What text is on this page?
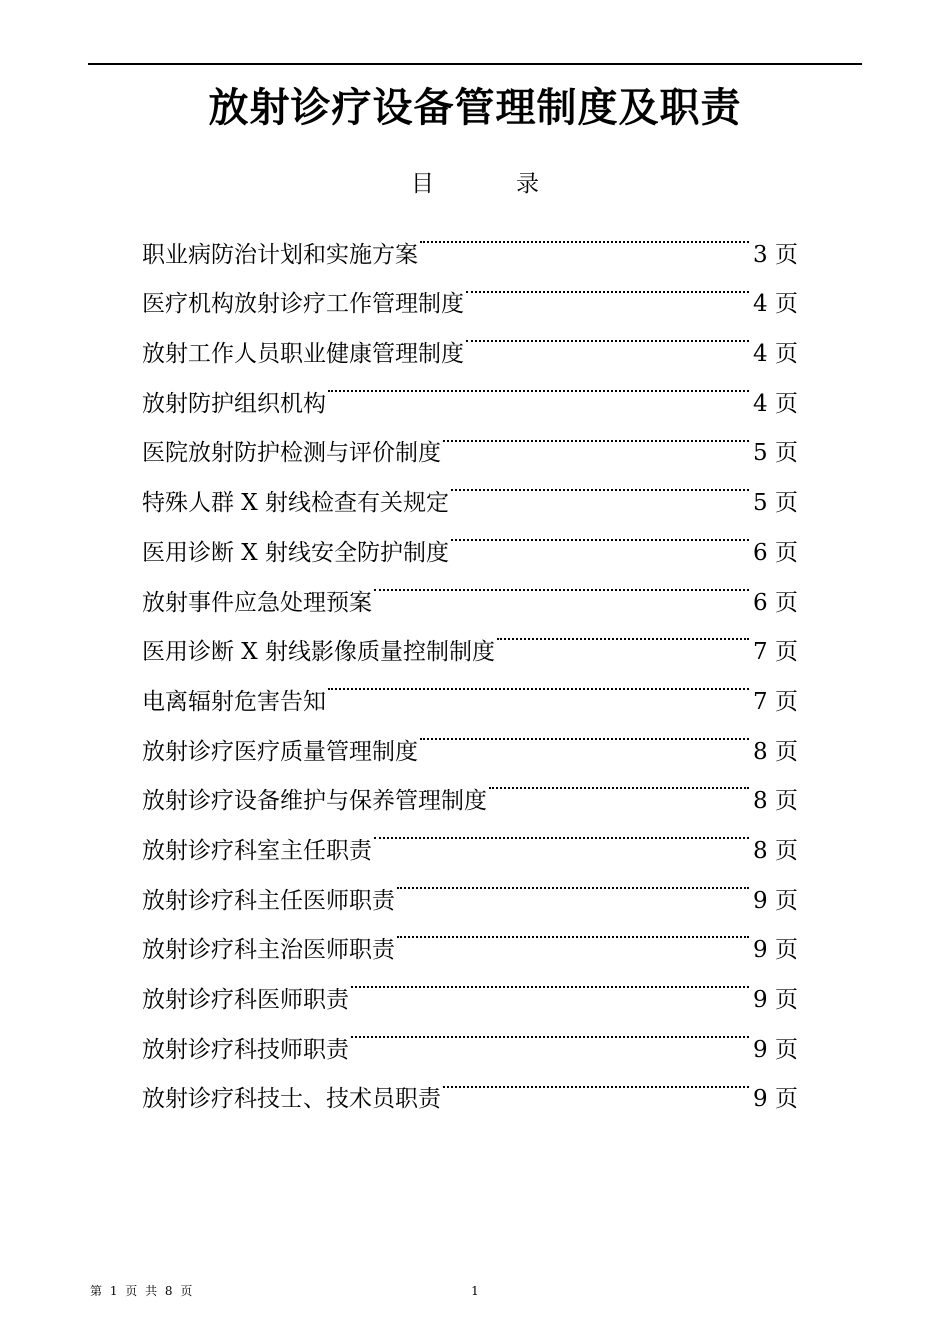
放射诊疗设备管理制度及职责
目录
职业病防治计划和实施方案	3 页
医疗机构放射诊疗工作管理制度	4 页
放射工作人员职业健康管理制度	4 页
放射防护组织机构	4 页
医院放射防护检测与评价制度	5 页
特殊人群 X 射线检查有关规定	5 页
医用诊断 X 射线安全防护制度	6 页
放射事件应急处理预案	6 页
医用诊断 X 射线影像质量控制制度	7 页
电离辐射危害告知	7 页
放射诊疗医疗质量管理制度	8 页
放射诊疗设备维护与保养管理制度	8 页
放射诊疗科室主任职责	8 页
放射诊疗科主任医师职责	9 页
放射诊疗科主治医师职责	9 页
放射诊疗科医师职责	9 页
放射诊疗科技师职责	9 页
放射诊疗科技士、技术员职责	9 页
第 1 页 共 8 页	1
